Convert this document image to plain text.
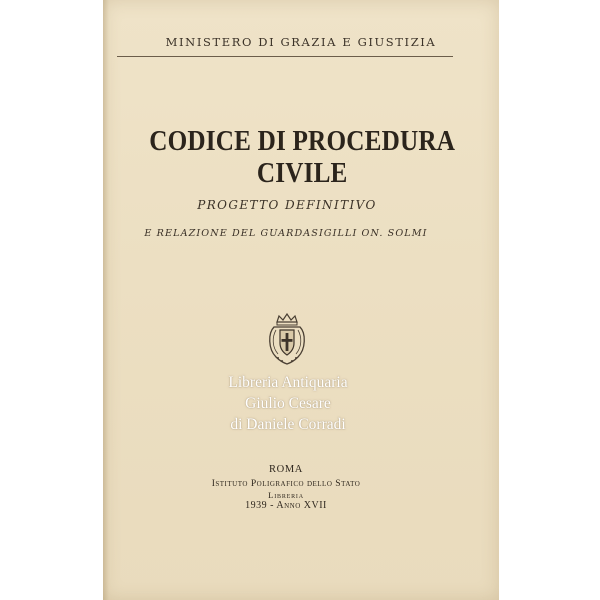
MINISTERO DI GRAZIA E GIUSTIZIA

CODICE DI PROCEDURA CIVILE

PROGETTO DEFINITIVO

E RELAZIONE DEL GUARDASIGILLI ON. SOLMI

Libreria Antiquaria
Giulio Cesare
di Daniele Corradi

ROMA

Istituto Poligrafico dello Stato

Libreria

1939 - Anno XVII
